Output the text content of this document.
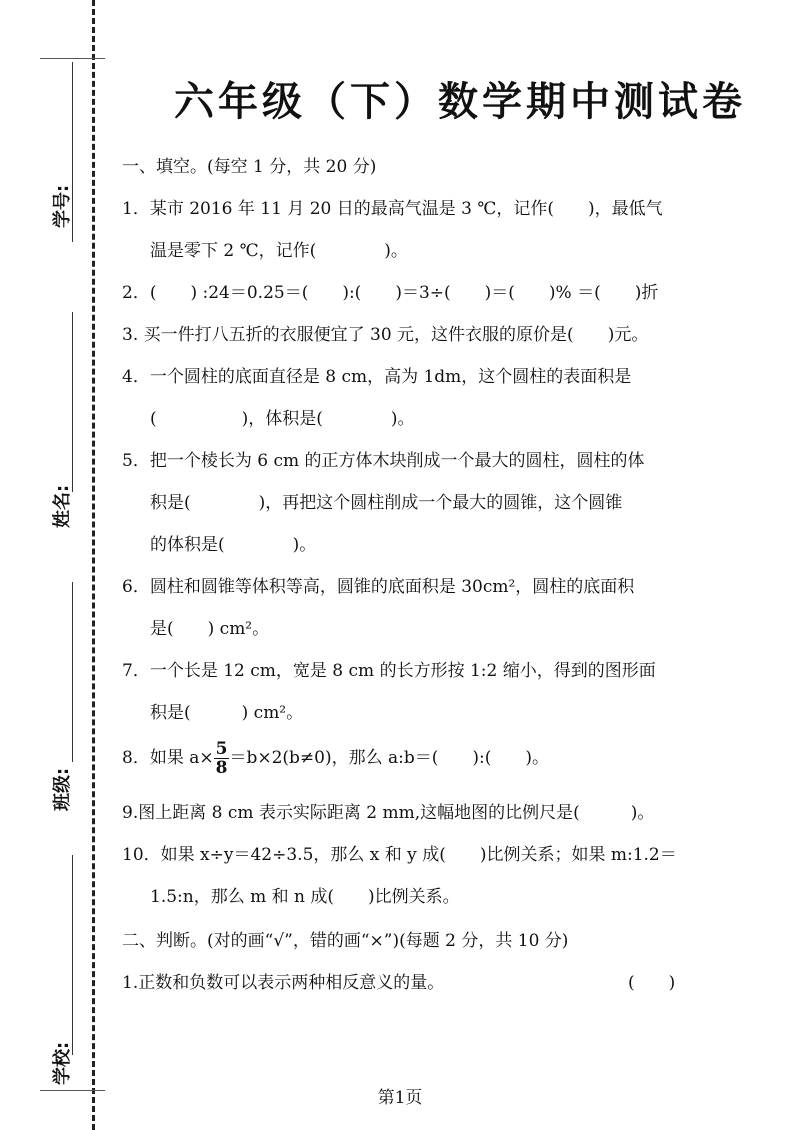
学号:
姓名:
班级:
学校:
六年级（下）数学期中测试卷
一、填空。(每空 1 分，共 20 分)
1．某市 2016 年 11 月 20 日的最高气温是 3 ℃，记作(　　)，最低气
温是零下 2 ℃，记作(　　　　)。
2．(　　) :24＝0.25＝(　　):(　　)＝3÷(　　)＝(　　)% ＝(　　)折
3. 买一件打八五折的衣服便宜了 30 元，这件衣服的原价是(　　)元。
4．一个圆柱的底面直径是 8 cm，高为 1dm，这个圆柱的表面积是
(　　　　　)，体积是(　　　　)。
5．把一个棱长为 6 cm 的正方体木块削成一个最大的圆柱，圆柱的体
积是(　　　　)，再把这个圆柱削成一个最大的圆锥，这个圆锥
的体积是(　　　　)。
6．圆柱和圆锥等体积等高，圆锥的底面积是 30cm²，圆柱的底面积
是(　　) cm²。
7．一个长是 12 cm，宽是 8 cm 的长方形按 1:2 缩小，得到的图形面
积是(　　　) cm²。
8．如果 $a\times \frac{5}{8} =b\times 2(b\ne 0)$，那么 a:b＝(　　):(　　)。
9.图上距离 8 cm 表示实际距离 2 mm,这幅地图的比例尺是(　　　)。
10．如果 x÷y＝42÷3.5，那么 x 和 y 成(　　)比例关系；如果 m:1.2＝
1.5:n，那么 m 和 n 成(　　)比例关系。
二、判断。(对的画“√”，错的画“×”)(每题 2 分，共 10 分)
1.正数和负数可以表示两种相反意义的量。	(　　)
第1页
